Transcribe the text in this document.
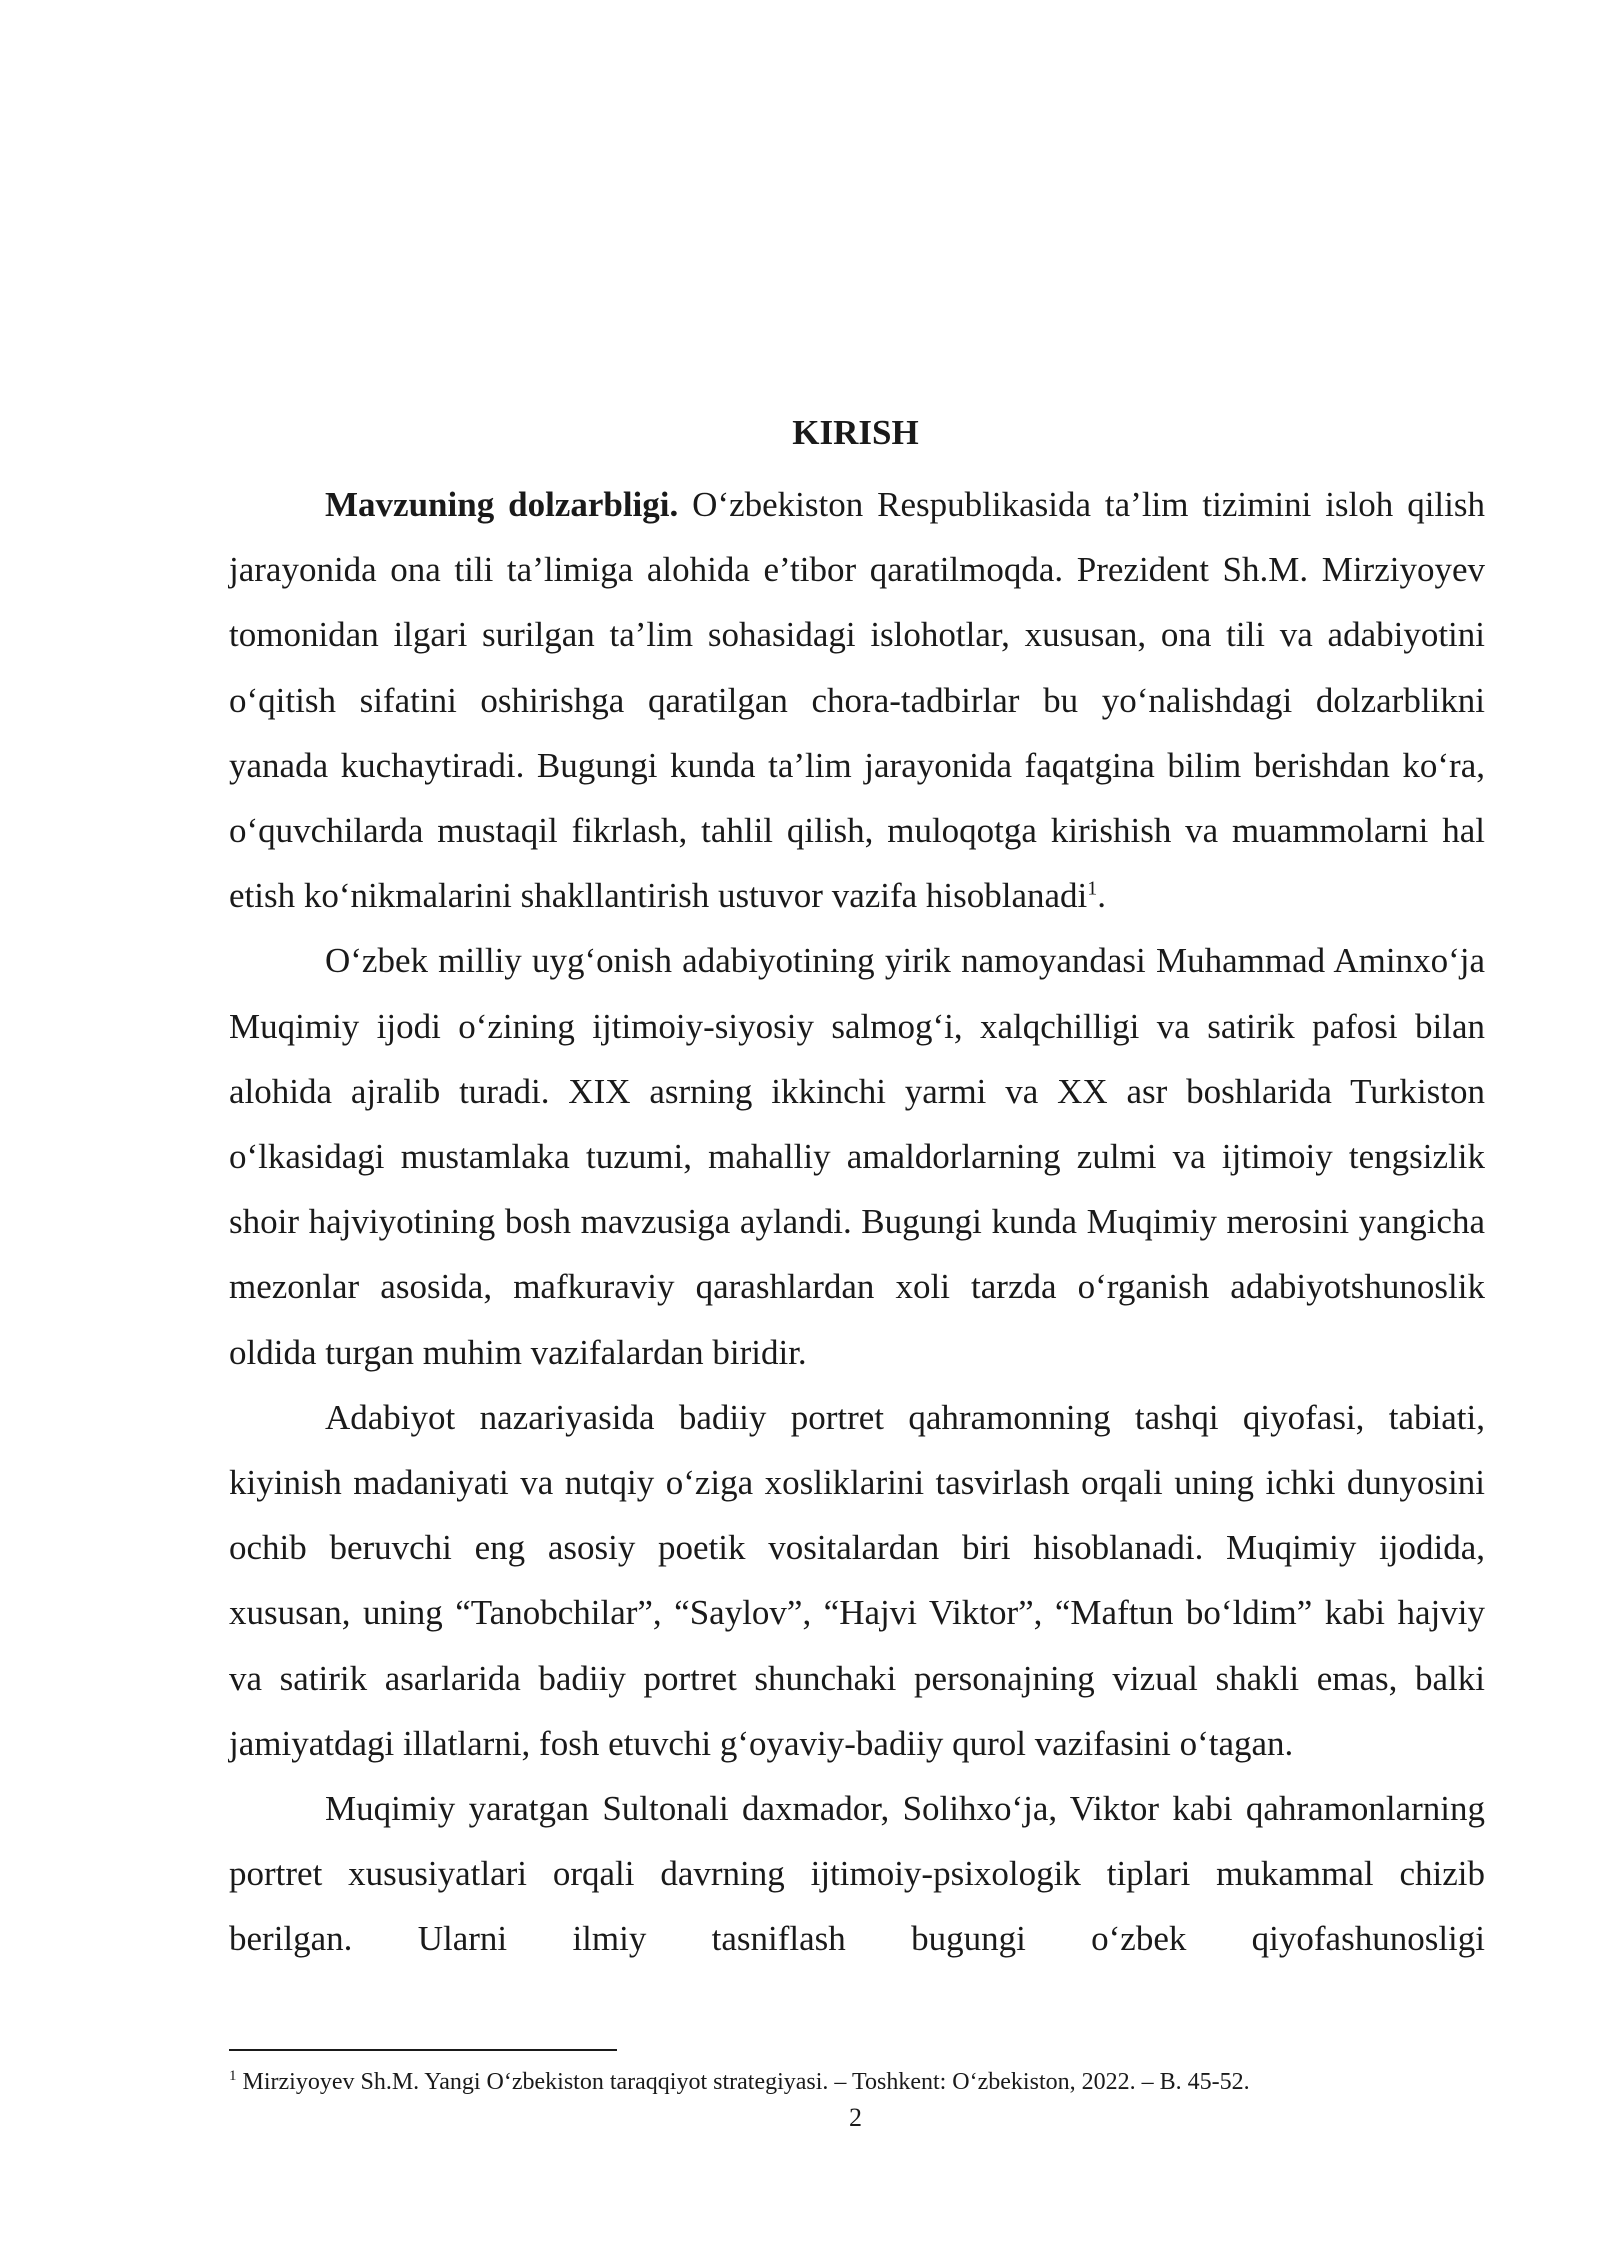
KIRISH

Mavzuning dolzarbligi. O‘zbekiston Respublikasida ta’lim tizimini isloh qilish jarayonida ona tili ta’limiga alohida e’tibor qaratilmoqda. Prezident Sh.M. Mirziyoyev tomonidan ilgari surilgan ta’lim sohasidagi islohotlar, xususan, ona tili va adabiyotini o‘qitish sifatini oshirishga qaratilgan chora-tadbirlar bu yo‘nalishdagi dolzarblikni yanada kuchaytiradi. Bugungi kunda ta’lim jarayonida faqatgina bilim berishdan ko‘ra, o‘quvchilarda mustaqil fikrlash, tahlil qilish, muloqotga kirishish va muammolarni hal etish ko‘nikmalarini shakllantirish ustuvor vazifa hisoblanadi$^1$.

O‘zbek milliy uyg‘onish adabiyotining yirik namoyandasi Muhammad Aminxo‘ja Muqimiy ijodi o‘zining ijtimoiy-siyosiy salmog‘i, xalqchilligi va satirik pafosi bilan alohida ajralib turadi. XIX asrning ikkinchi yarmi va XX asr boshlarida Turkiston o‘lkasidagi mustamlaka tuzumi, mahalliy amaldorlarning zulmi va ijtimoiy tengsizlik shoir hajviyotining bosh mavzusiga aylandi. Bugungi kunda Muqimiy merosini yangicha mezonlar asosida, mafkuraviy qarashlardan xoli tarzda o‘rganish adabiyotshunoslik oldida turgan muhim vazifalardan biridir.

Adabiyot nazariyasida badiiy portret qahramonning tashqi qiyofasi, tabiati, kiyinish madaniyati va nutqiy o‘ziga xosliklarini tasvirlash orqali uning ichki dunyosini ochib beruvchi eng asosiy poetik vositalardan biri hisoblanadi. Muqimiy ijodida, xususan, uning “Tanobchilar”, “Saylov”, “Hajvi Viktor”, “Maftun bo‘ldim” kabi hajviy va satirik asarlarida badiiy portret shunchaki personajning vizual shakli emas, balki jamiyatdagi illatlarni, fosh etuvchi g‘oyaviy-badiiy qurol vazifasini o‘tagan.

Muqimiy yaratgan Sultonali daxmador, Solihxo‘ja, Viktor kabi qahramonlarning portret xususiyatlari orqali davrning ijtimoiy-psixologik tiplari mukammal chizib berilgan. Ularni ilmiy tasniflash bugungi o‘zbek qiyofashunosligi

$^1$ Mirziyoyev Sh.M. Yangi O‘zbekiston taraqqiyot strategiyasi. – Toshkent: O‘zbekiston, 2022. – B. 45-52.
2
